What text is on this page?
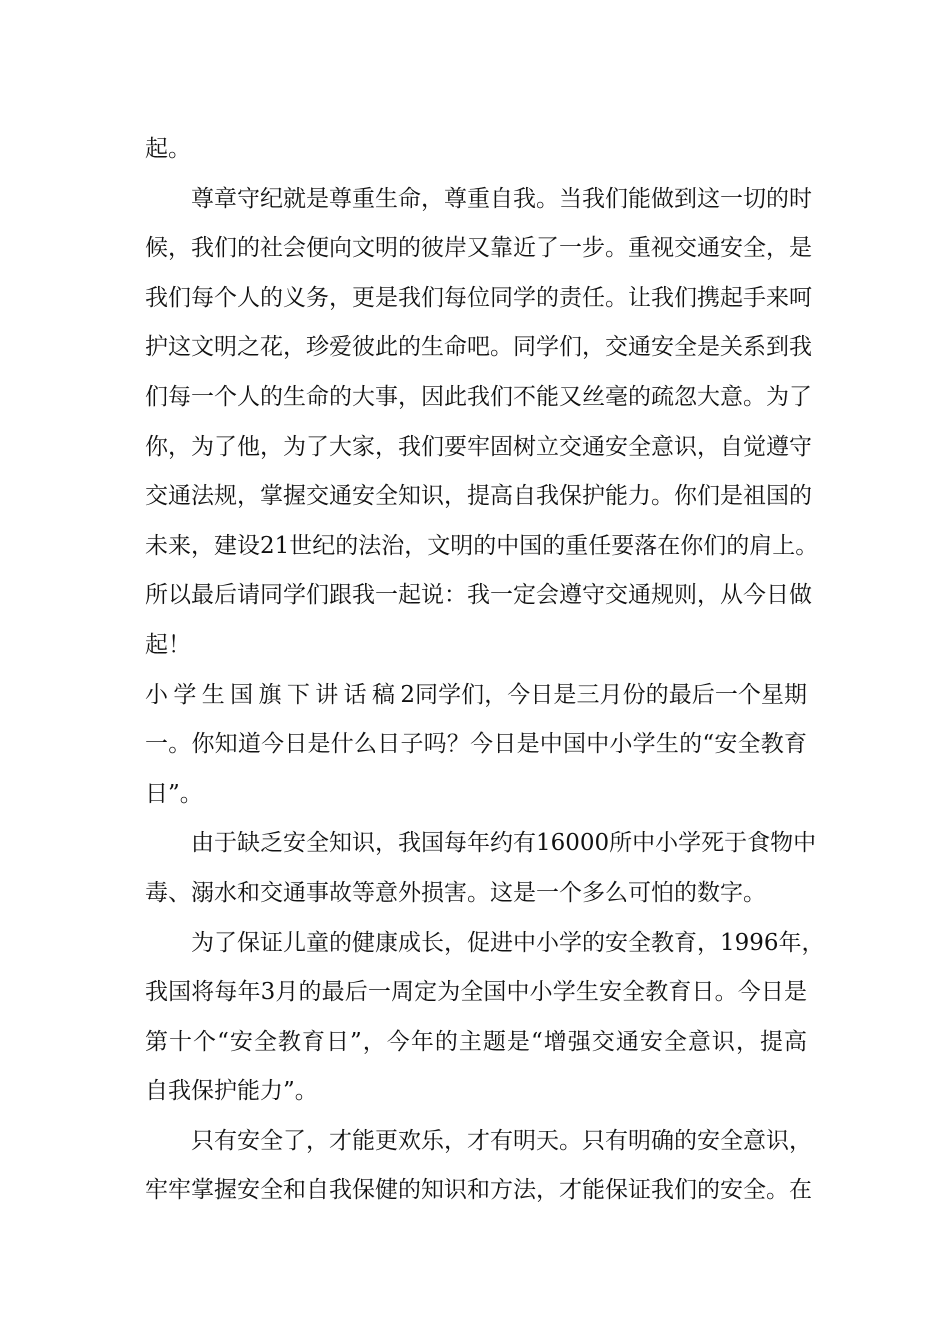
起。
尊章守纪就是尊重生命，尊重自我。当我们能做到这一切的时
候，我们的社会便向文明的彼岸又靠近了一步。重视交通安全，是
我们每个人的义务，更是我们每位同学的责任。让我们携起手来呵
护这文明之花，珍爱彼此的生命吧。同学们，交通安全是关系到我
们每一个人的生命的大事，因此我们不能又丝毫的疏忽大意。为了
你，为了他，为了大家，我们要牢固树立交通安全意识，自觉遵守
交通法规，掌握交通安全知识，提高自我保护能力。你们是祖国的
未来，建设21世纪的法治，文明的中国的重任要落在你们的肩上。
所以最后请同学们跟我一起说：我一定会遵守交通规则，从今日做
起！
小学生国旗下讲话稿2同学们，今日是三月份的最后一个星期
一。你知道今日是什么日子吗？今日是中国中小学生的“安全教育
日”。
由于缺乏安全知识，我国每年约有16000所中小学死于食物中
毒、溺水和交通事故等意外损害。这是一个多么可怕的数字。
为了保证儿童的健康成长，促进中小学的安全教育，1996年，
我国将每年3月的最后一周定为全国中小学生安全教育日。今日是
第十个“安全教育日”，今年的主题是“增强交通安全意识，提高
自我保护能力”。
只有安全了，才能更欢乐，才有明天。只有明确的安全意识，
牢牢掌握安全和自我保健的知识和方法，才能保证我们的安全。在
